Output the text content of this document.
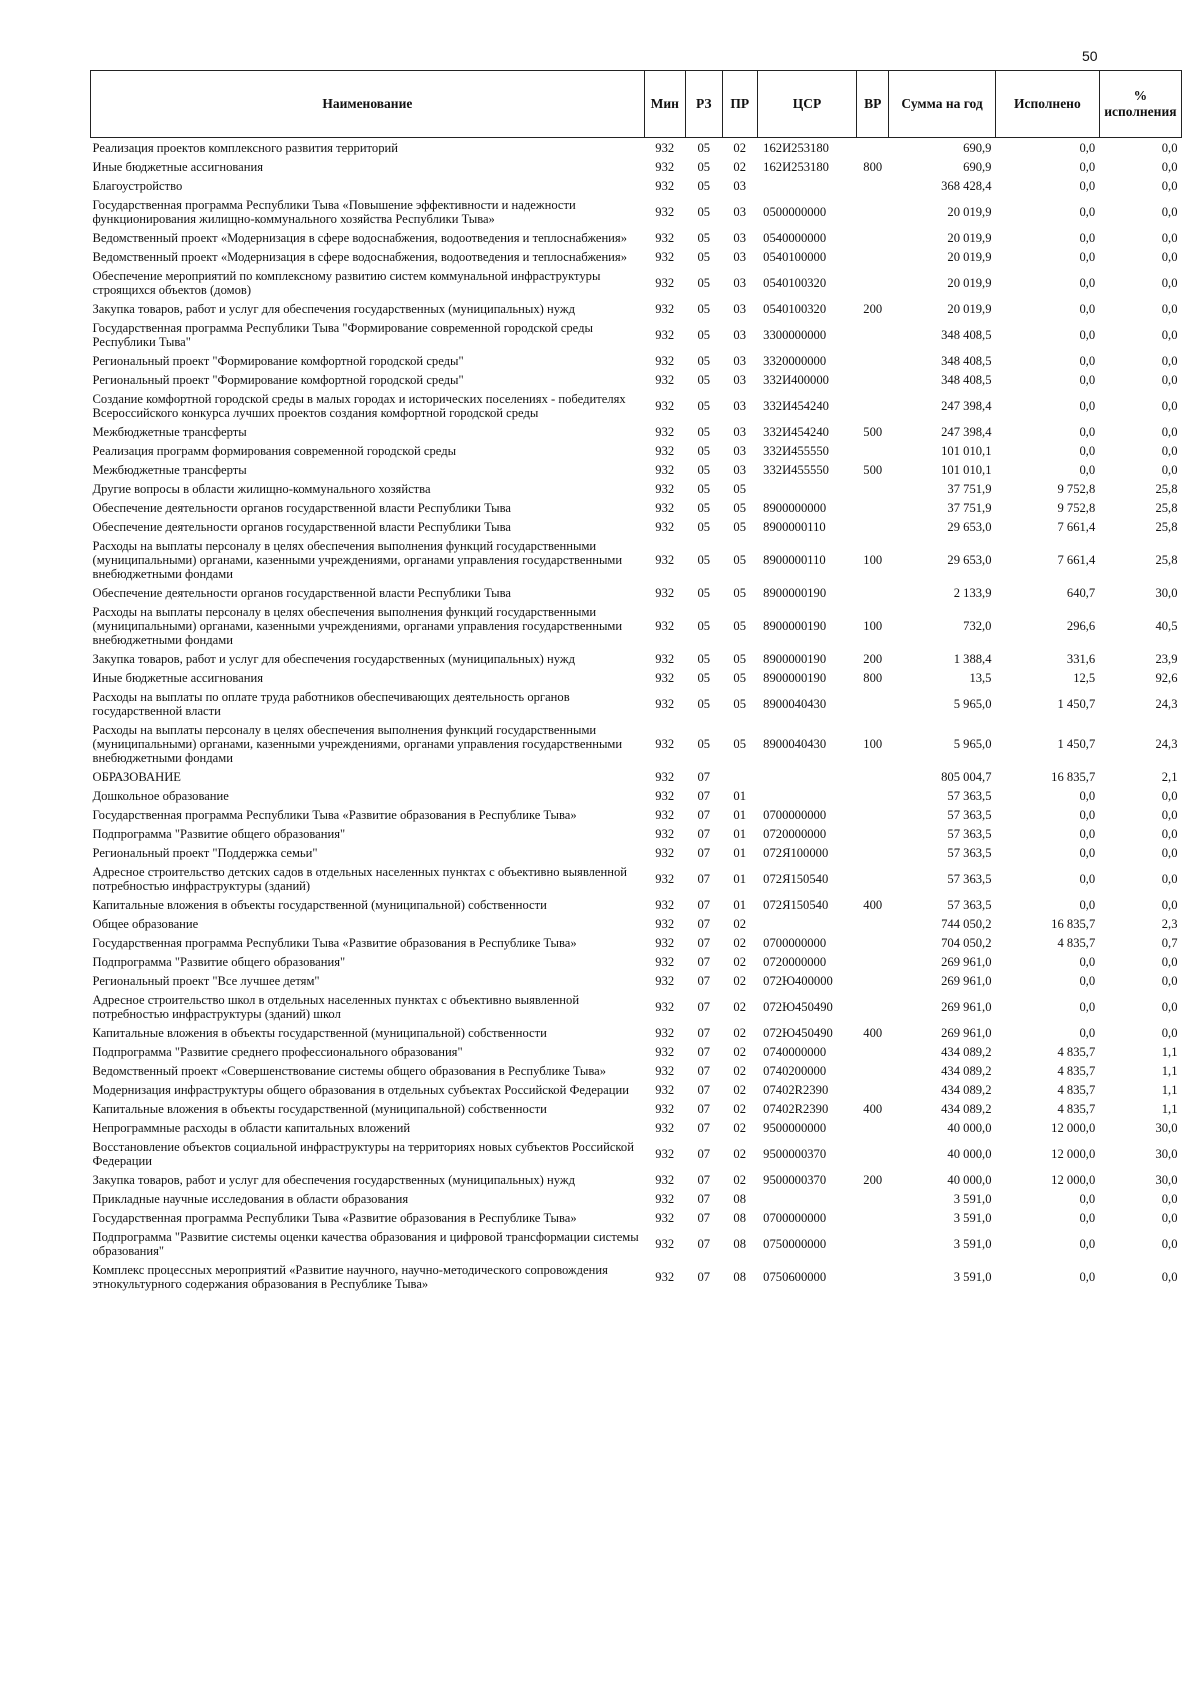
50
Наименование	Мин	РЗ	ПР	ЦСР	ВР	Сумма на год	Исполнено	% исполнения
Реализация проектов комплексного развития территорий	932	05	02	162И253180		690,9	0,0	0,0
Иные бюджетные ассигнования	932	05	02	162И253180	800	690,9	0,0	0,0
Благоустройство	932	05	03			368 428,4	0,0	0,0
Государственная программа Республики Тыва «Повышение эффективности и надежности функционирования жилищно-коммунального хозяйства Республики Тыва»	932	05	03	0500000000		20 019,9	0,0	0,0
Ведомственный проект «Модернизация в сфере водоснабжения, водоотведения и теплоснабжения»	932	05	03	0540000000		20 019,9	0,0	0,0
Ведомственный проект «Модернизация в сфере водоснабжения, водоотведения и теплоснабжения»	932	05	03	0540100000		20 019,9	0,0	0,0
Обеспечение мероприятий по комплексному развитию систем коммунальной инфраструктуры строящихся объектов (домов)	932	05	03	0540100320		20 019,9	0,0	0,0
Закупка товаров, работ и услуг для обеспечения государственных (муниципальных) нужд	932	05	03	0540100320	200	20 019,9	0,0	0,0
Государственная программа Республики Тыва "Формирование современной городской среды Республики Тыва"	932	05	03	3300000000		348 408,5	0,0	0,0
Региональный проект "Формирование комфортной городской среды"	932	05	03	3320000000		348 408,5	0,0	0,0
Региональный проект "Формирование комфортной городской среды"	932	05	03	332И400000		348 408,5	0,0	0,0
Создание комфортной городской среды в малых городах и исторических поселениях - победителях Всероссийского конкурса лучших проектов создания комфортной городской среды	932	05	03	332И454240		247 398,4	0,0	0,0
Межбюджетные трансферты	932	05	03	332И454240	500	247 398,4	0,0	0,0
Реализация программ формирования современной городской среды	932	05	03	332И455550		101 010,1	0,0	0,0
Межбюджетные трансферты	932	05	03	332И455550	500	101 010,1	0,0	0,0
Другие вопросы в области жилищно-коммунального хозяйства	932	05	05			37 751,9	9 752,8	25,8
Обеспечение деятельности органов государственной власти Республики Тыва	932	05	05	8900000000		37 751,9	9 752,8	25,8
Обеспечение деятельности органов государственной власти Республики Тыва	932	05	05	8900000110		29 653,0	7 661,4	25,8
Расходы на выплаты персоналу в целях обеспечения выполнения функций государственными (муниципальными) органами, казенными учреждениями, органами управления государственными внебюджетными фондами	932	05	05	8900000110	100	29 653,0	7 661,4	25,8
Обеспечение деятельности органов государственной власти Республики Тыва	932	05	05	8900000190		2 133,9	640,7	30,0
Расходы на выплаты персоналу в целях обеспечения выполнения функций государственными (муниципальными) органами, казенными учреждениями, органами управления государственными внебюджетными фондами	932	05	05	8900000190	100	732,0	296,6	40,5
Закупка товаров, работ и услуг для обеспечения государственных (муниципальных) нужд	932	05	05	8900000190	200	1 388,4	331,6	23,9
Иные бюджетные ассигнования	932	05	05	8900000190	800	13,5	12,5	92,6
Расходы на выплаты по оплате труда работников обеспечивающих деятельность органов государственной власти	932	05	05	8900040430		5 965,0	1 450,7	24,3
Расходы на выплаты персоналу в целях обеспечения выполнения функций государственными (муниципальными) органами, казенными учреждениями, органами управления государственными внебюджетными фондами	932	05	05	8900040430	100	5 965,0	1 450,7	24,3
ОБРАЗОВАНИЕ	932	07				805 004,7	16 835,7	2,1
Дошкольное образование	932	07	01			57 363,5	0,0	0,0
Государственная программа Республики Тыва «Развитие образования в Республике Тыва»	932	07	01	0700000000		57 363,5	0,0	0,0
Подпрограмма "Развитие общего образования"	932	07	01	0720000000		57 363,5	0,0	0,0
Региональный проект "Поддержка семьи"	932	07	01	072Я100000		57 363,5	0,0	0,0
Адресное строительство детских садов в отдельных населенных пунктах с объективно выявленной потребностью инфраструктуры (зданий)	932	07	01	072Я150540		57 363,5	0,0	0,0
Капитальные вложения в объекты государственной (муниципальной) собственности	932	07	01	072Я150540	400	57 363,5	0,0	0,0
Общее образование	932	07	02			744 050,2	16 835,7	2,3
Государственная программа Республики Тыва «Развитие образования в Республике Тыва»	932	07	02	0700000000		704 050,2	4 835,7	0,7
Подпрограмма "Развитие общего образования"	932	07	02	0720000000		269 961,0	0,0	0,0
Региональный проект "Все лучшее детям"	932	07	02	072Ю400000		269 961,0	0,0	0,0
Адресное строительство школ в отдельных населенных пунктах с объективно выявленной потребностью инфраструктуры (зданий) школ	932	07	02	072Ю450490		269 961,0	0,0	0,0
Капитальные вложения в объекты государственной (муниципальной) собственности	932	07	02	072Ю450490	400	269 961,0	0,0	0,0
Подпрограмма "Развитие среднего профессионального образования"	932	07	02	0740000000		434 089,2	4 835,7	1,1
Ведомственный проект «Совершенствование системы общего образования в Республике Тыва»	932	07	02	0740200000		434 089,2	4 835,7	1,1
Модернизация инфраструктуры общего образования в отдельных субъектах Российской Федерации	932	07	02	07402R2390		434 089,2	4 835,7	1,1
Капитальные вложения в объекты государственной (муниципальной) собственности	932	07	02	07402R2390	400	434 089,2	4 835,7	1,1
Непрограммные расходы в области капитальных вложений	932	07	02	9500000000		40 000,0	12 000,0	30,0
Восстановление объектов социальной инфраструктуры на территориях новых субъектов Российской Федерации	932	07	02	9500000370		40 000,0	12 000,0	30,0
Закупка товаров, работ и услуг для обеспечения государственных (муниципальных) нужд	932	07	02	9500000370	200	40 000,0	12 000,0	30,0
Прикладные научные исследования в области образования	932	07	08			3 591,0	0,0	0,0
Государственная программа Республики Тыва «Развитие образования в Республике Тыва»	932	07	08	0700000000		3 591,0	0,0	0,0
Подпрограмма "Развитие системы оценки качества образования и цифровой трансформации системы образования"	932	07	08	0750000000		3 591,0	0,0	0,0
Комплекс процессных мероприятий «Развитие научного, научно-методического сопровождения этнокультурного содержания образования в Республике Тыва»	932	07	08	0750600000		3 591,0	0,0	0,0
